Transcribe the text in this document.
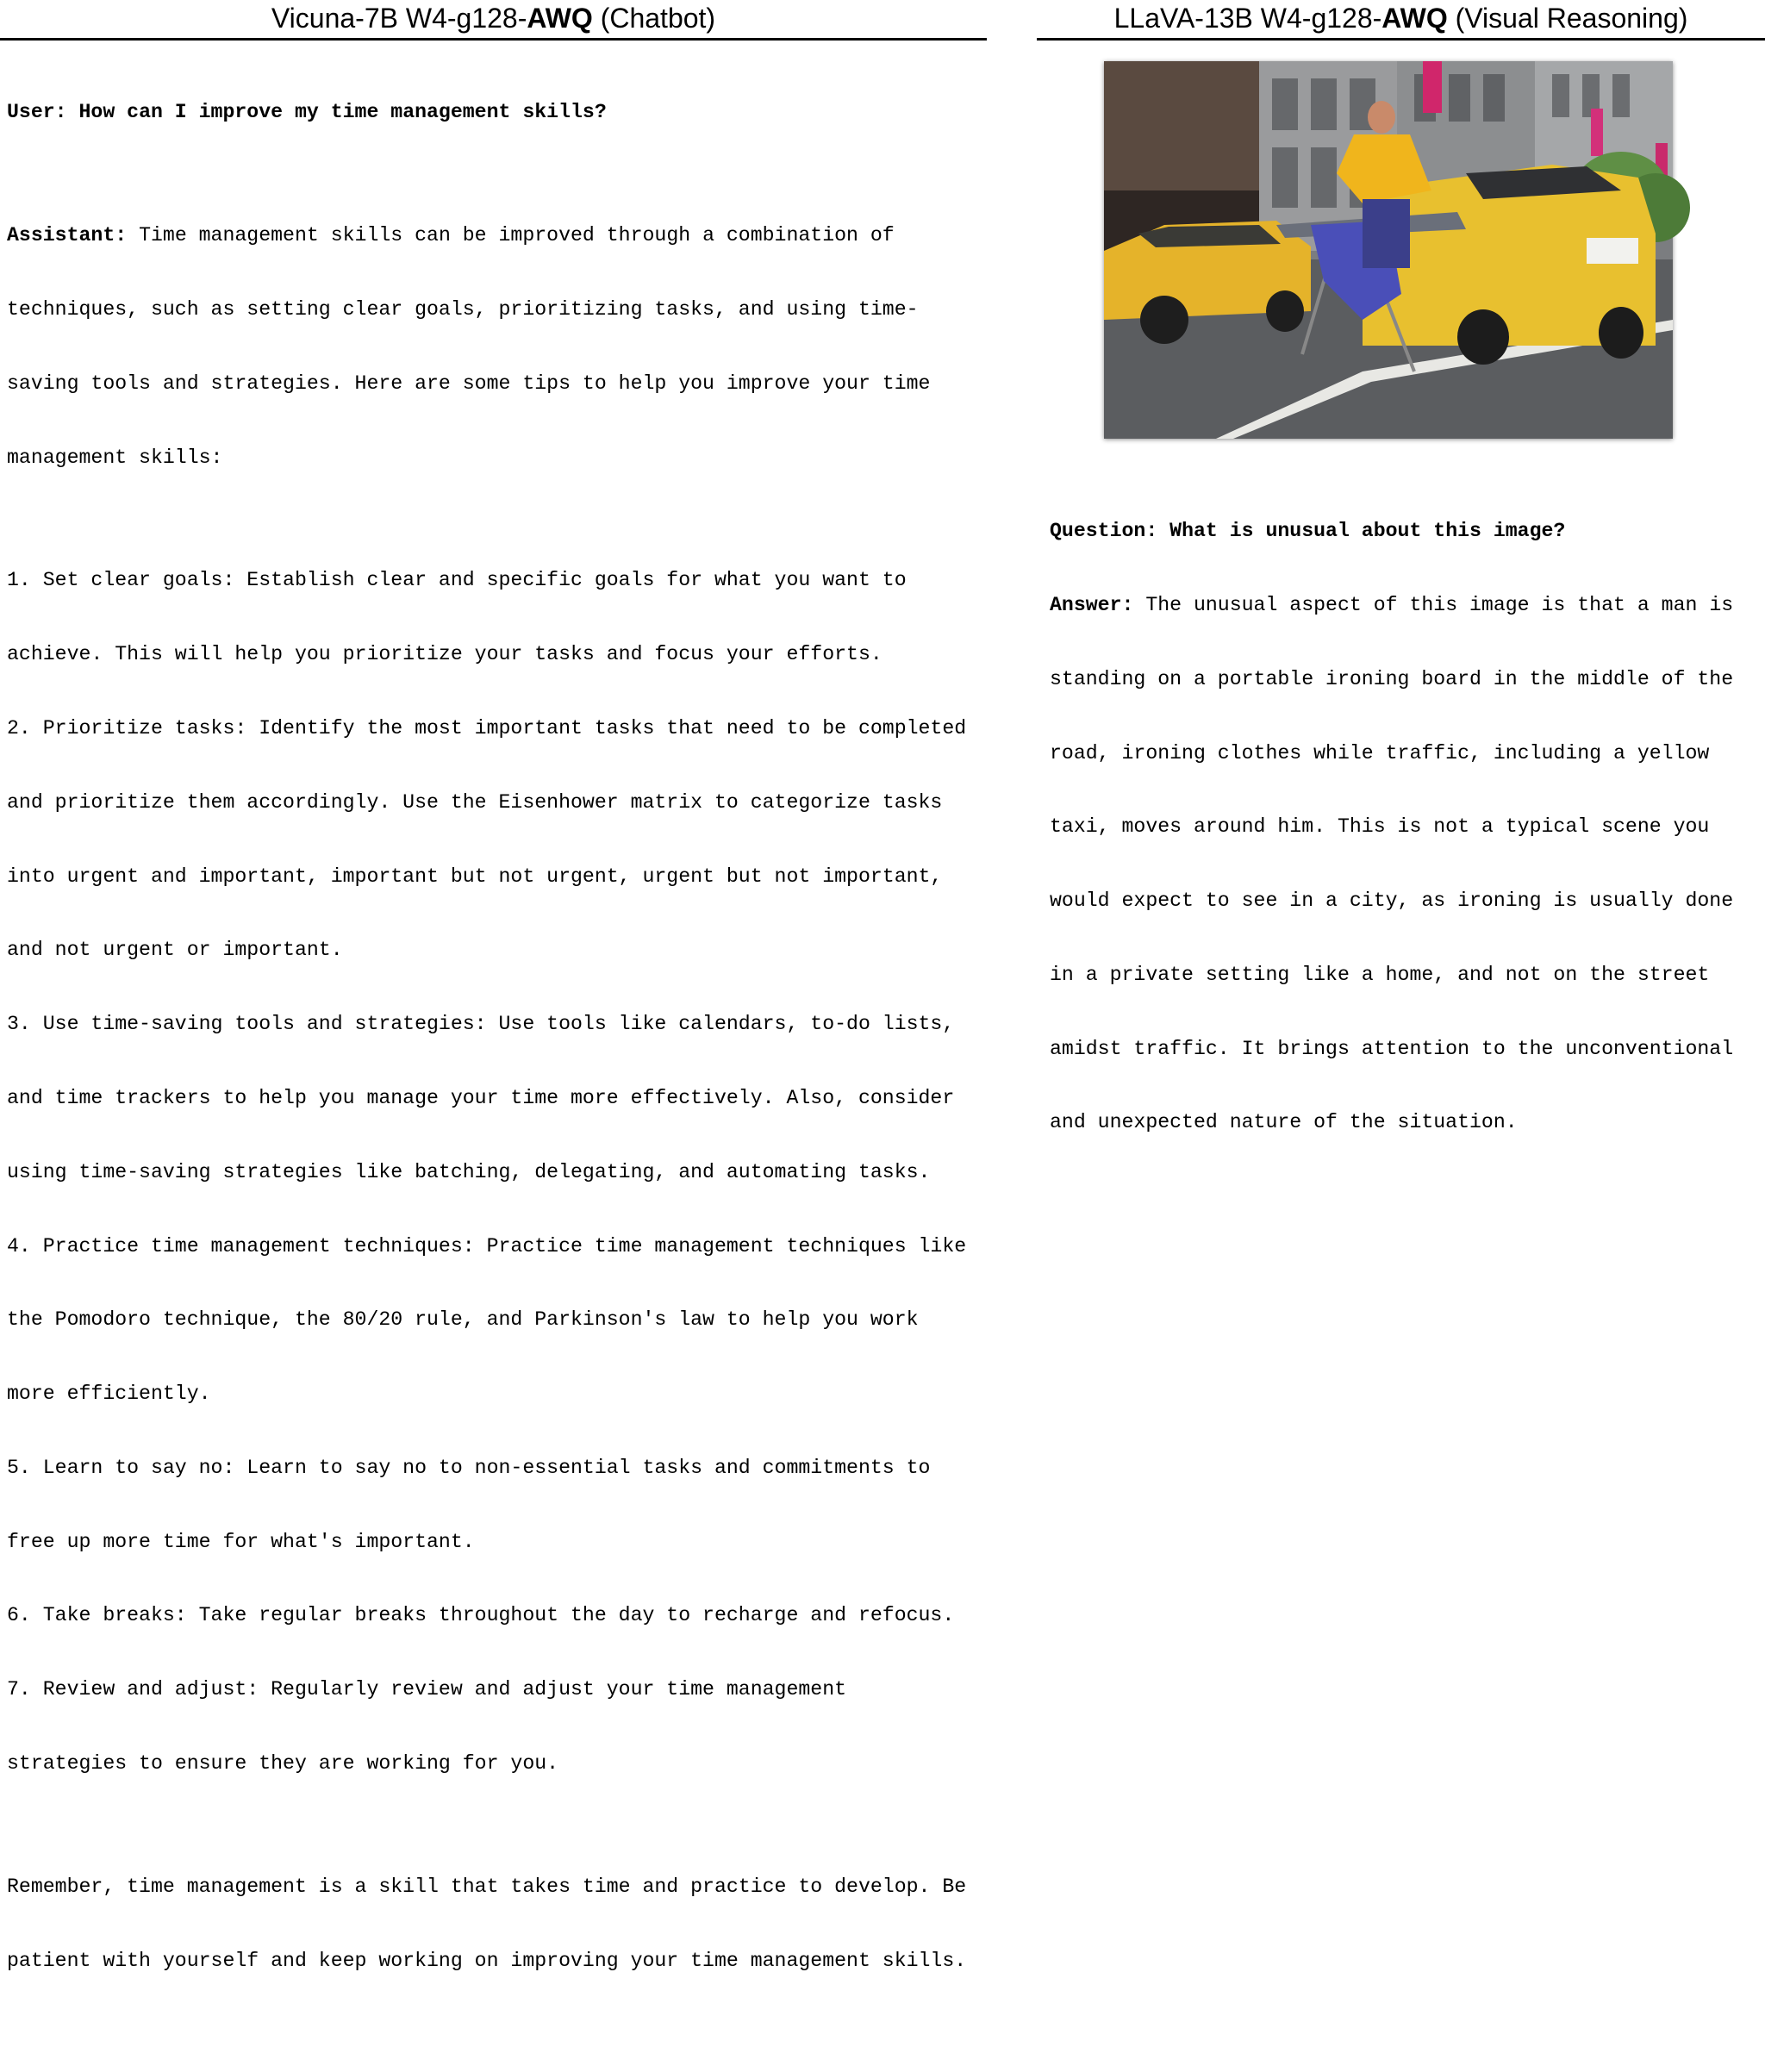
Vicuna-7B W4-g128-AWQ (Chatbot)

User: How can I improve my time management skills?

Assistant: Time management skills can be improved through a combination of

techniques, such as setting clear goals, prioritizing tasks, and using time-

saving tools and strategies. Here are some tips to help you improve your time

management skills:

1. Set clear goals: Establish clear and specific goals for what you want to

achieve. This will help you prioritize your tasks and focus your efforts.

2. Prioritize tasks: Identify the most important tasks that need to be completed

and prioritize them accordingly. Use the Eisenhower matrix to categorize tasks

into urgent and important, important but not urgent, urgent but not important,

and not urgent or important.

3. Use time-saving tools and strategies: Use tools like calendars, to-do lists,

and time trackers to help you manage your time more effectively. Also, consider

using time-saving strategies like batching, delegating, and automating tasks.

4. Practice time management techniques: Practice time management techniques like

the Pomodoro technique, the 80/20 rule, and Parkinson's law to help you work

more efficiently.

5. Learn to say no: Learn to say no to non-essential tasks and commitments to

free up more time for what's important.

6. Take breaks: Take regular breaks throughout the day to recharge and refocus.

7. Review and adjust: Regularly review and adjust your time management

strategies to ensure they are working for you.

Remember, time management is a skill that takes time and practice to develop. Be

patient with yourself and keep working on improving your time management skills.

LLaVA-13B W4-g128-AWQ (Visual Reasoning)

Question: What is unusual about this image?

Answer: The unusual aspect of this image is that a man is

standing on a portable ironing board in the middle of the

road, ironing clothes while traffic, including a yellow

taxi, moves around him. This is not a typical scene you

would expect to see in a city, as ironing is usually done

in a private setting like a home, and not on the street

amidst traffic. It brings attention to the unconventional

and unexpected nature of the situation.
